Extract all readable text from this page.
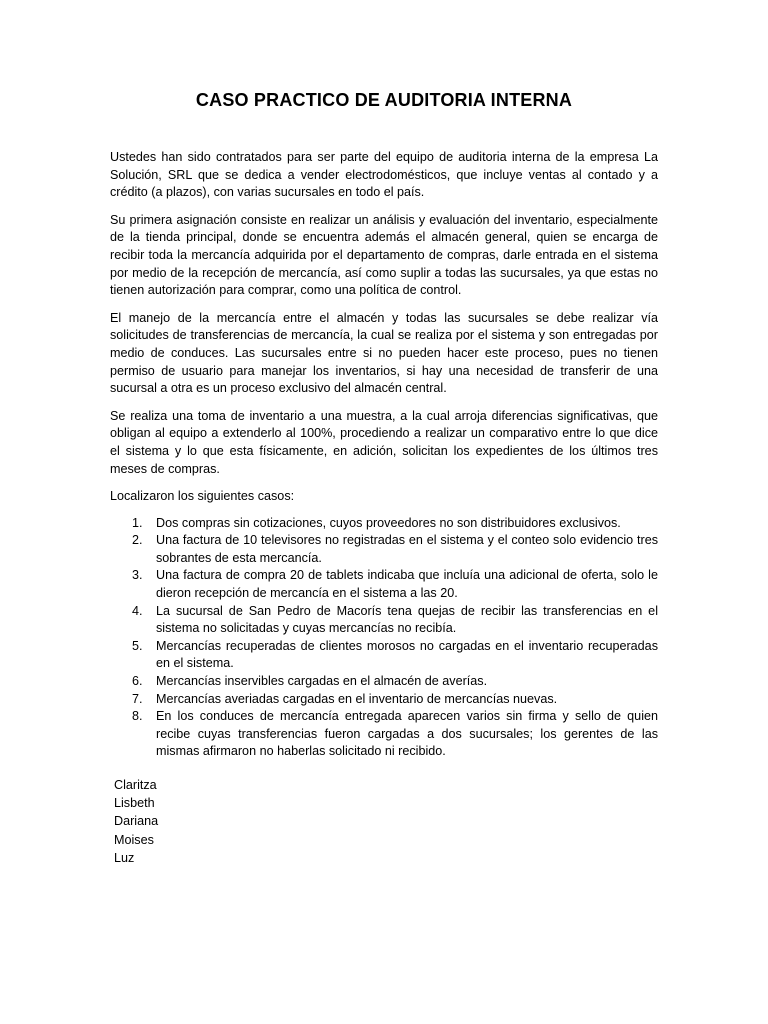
CASO PRACTICO DE AUDITORIA INTERNA

Ustedes han sido contratados para ser parte del equipo de auditoria interna de la empresa La Solución, SRL que se dedica a vender electrodomésticos, que incluye ventas al contado y a crédito (a plazos), con varias sucursales en todo el país.

Su primera asignación consiste en realizar un análisis y evaluación del inventario, especialmente de la tienda principal, donde se encuentra además el almacén general, quien se encarga de recibir toda la mercancía adquirida por el departamento de compras, darle entrada en el sistema por medio de la recepción de mercancía, así como suplir a todas las sucursales, ya que estas no tienen autorización para comprar, como una política de control.

El manejo de la mercancía entre el almacén y todas las sucursales se debe realizar vía solicitudes de transferencias de mercancía, la cual se realiza por el sistema y son entregadas por medio de conduces. Las sucursales entre si no pueden hacer este proceso, pues no tienen permiso de usuario para manejar los inventarios, si hay una necesidad de transferir de una sucursal a otra es un proceso exclusivo del almacén central.

Se realiza una toma de inventario a una muestra, a la cual arroja diferencias significativas, que obligan al equipo a extenderlo al 100%, procediendo a realizar un comparativo entre lo que dice el sistema y lo que esta físicamente, en adición, solicitan los expedientes de los últimos tres meses de compras.

Localizaron los siguientes casos:

1. Dos compras sin cotizaciones, cuyos proveedores no son distribuidores exclusivos.
2. Una factura de 10 televisores no registradas en el sistema y el conteo solo evidencio tres sobrantes de esta mercancía.
3. Una factura de compra 20 de tablets indicaba que incluía una adicional de oferta, solo le dieron recepción de mercancía en el sistema a las 20.
4. La sucursal de San Pedro de Macorís tena quejas de recibir las transferencias en el sistema no solicitadas y cuyas mercancías no recibía.
5. Mercancías recuperadas de clientes morosos no cargadas en el inventario recuperadas en el sistema.
6. Mercancías inservibles cargadas en el almacén de averías.
7. Mercancías averiadas cargadas en el inventario de mercancías nuevas.
8. En los conduces de mercancía entregada aparecen varios sin firma y sello de quien recibe cuyas transferencias fueron cargadas a dos sucursales; los gerentes de las mismas afirmaron no haberlas solicitado ni recibido.
Claritza
Lisbeth
Dariana
Moises
Luz
